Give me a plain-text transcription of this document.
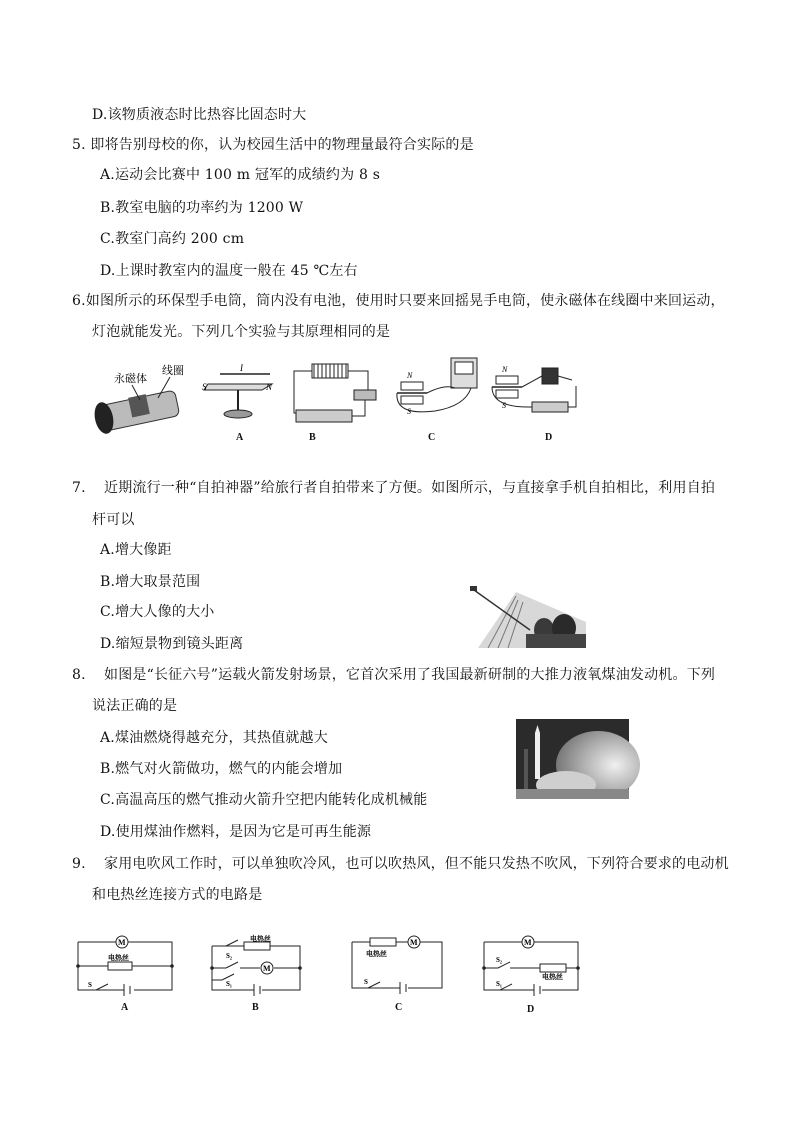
D.该物质液态时比热容比固态时大
5. 即将告别母校的你，认为校园生活中的物理量最符合实际的是
A.运动会比赛中 100 m 冠军的成绩约为 8 s
B.教室电脑的功率约为 1200 W
C.教室门高约 200 cm
D.上课时教室内的温度一般在 45 ℃左右
6.如图所示的环保型手电筒，筒内没有电池，使用时只要来回摇晃手电筒，使永磁体在线圈中来回运动，
灯泡就能发光。下列几个实验与其原理相同的是
永磁体
线圈	I
S	N
N
S
N
S
A	B	C	D
7. 近期流行一种“自拍神器”给旅行者自拍带来了方便。如图所示，与直接拿手机自拍相比，利用自拍
杆可以
A.增大像距
B.增大取景范围
C.增大人像的大小
D.缩短景物到镜头距离
8. 如图是“长征六号”运载火箭发射场景，它首次采用了我国最新研制的大推力液氧煤油发动机。下列
说法正确的是
A.煤油燃烧得越充分，其热值就越大
B.燃气对火箭做功，燃气的内能会增加
C.高温高压的燃气推动火箭升空把内能转化成机械能
D.使用煤油作燃料，是因为它是可再生能源
9. 家用电吹风工作时，可以单独吹冷风，也可以吹热风，但不能只发热不吹风，下列符合要求的电动机
和电热丝连接方式的电路是
M
电热丝
S
电热丝
M
S₂
S₁
M
电热丝
S
M
电热丝
S₂
S₁
A	B	C	D
